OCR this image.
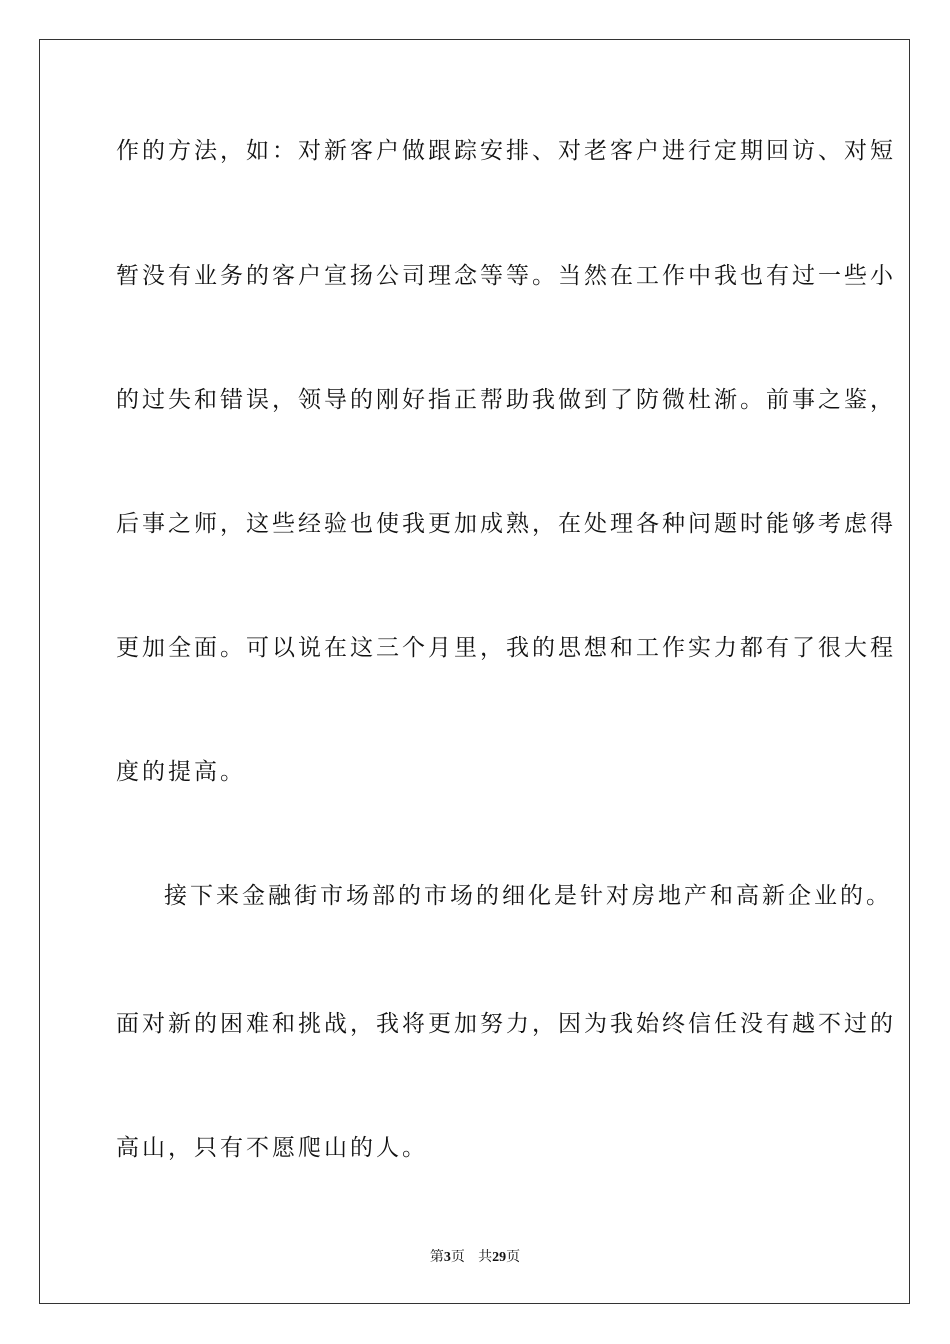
作的方法，如：对新客户做跟踪安排、对老客户进行定期回访、对短
暂没有业务的客户宣扬公司理念等等。当然在工作中我也有过一些小
的过失和错误，领导的刚好指正帮助我做到了防微杜渐。前事之鉴，
后事之师，这些经验也使我更加成熟，在处理各种问题时能够考虑得
更加全面。可以说在这三个月里，我的思想和工作实力都有了很大程
度的提高。
接下来金融街市场部的市场的细化是针对房地产和高新企业的。
面对新的困难和挑战，我将更加努力，因为我始终信任没有越不过的
高山，只有不愿爬山的人。
第3页 共29页
